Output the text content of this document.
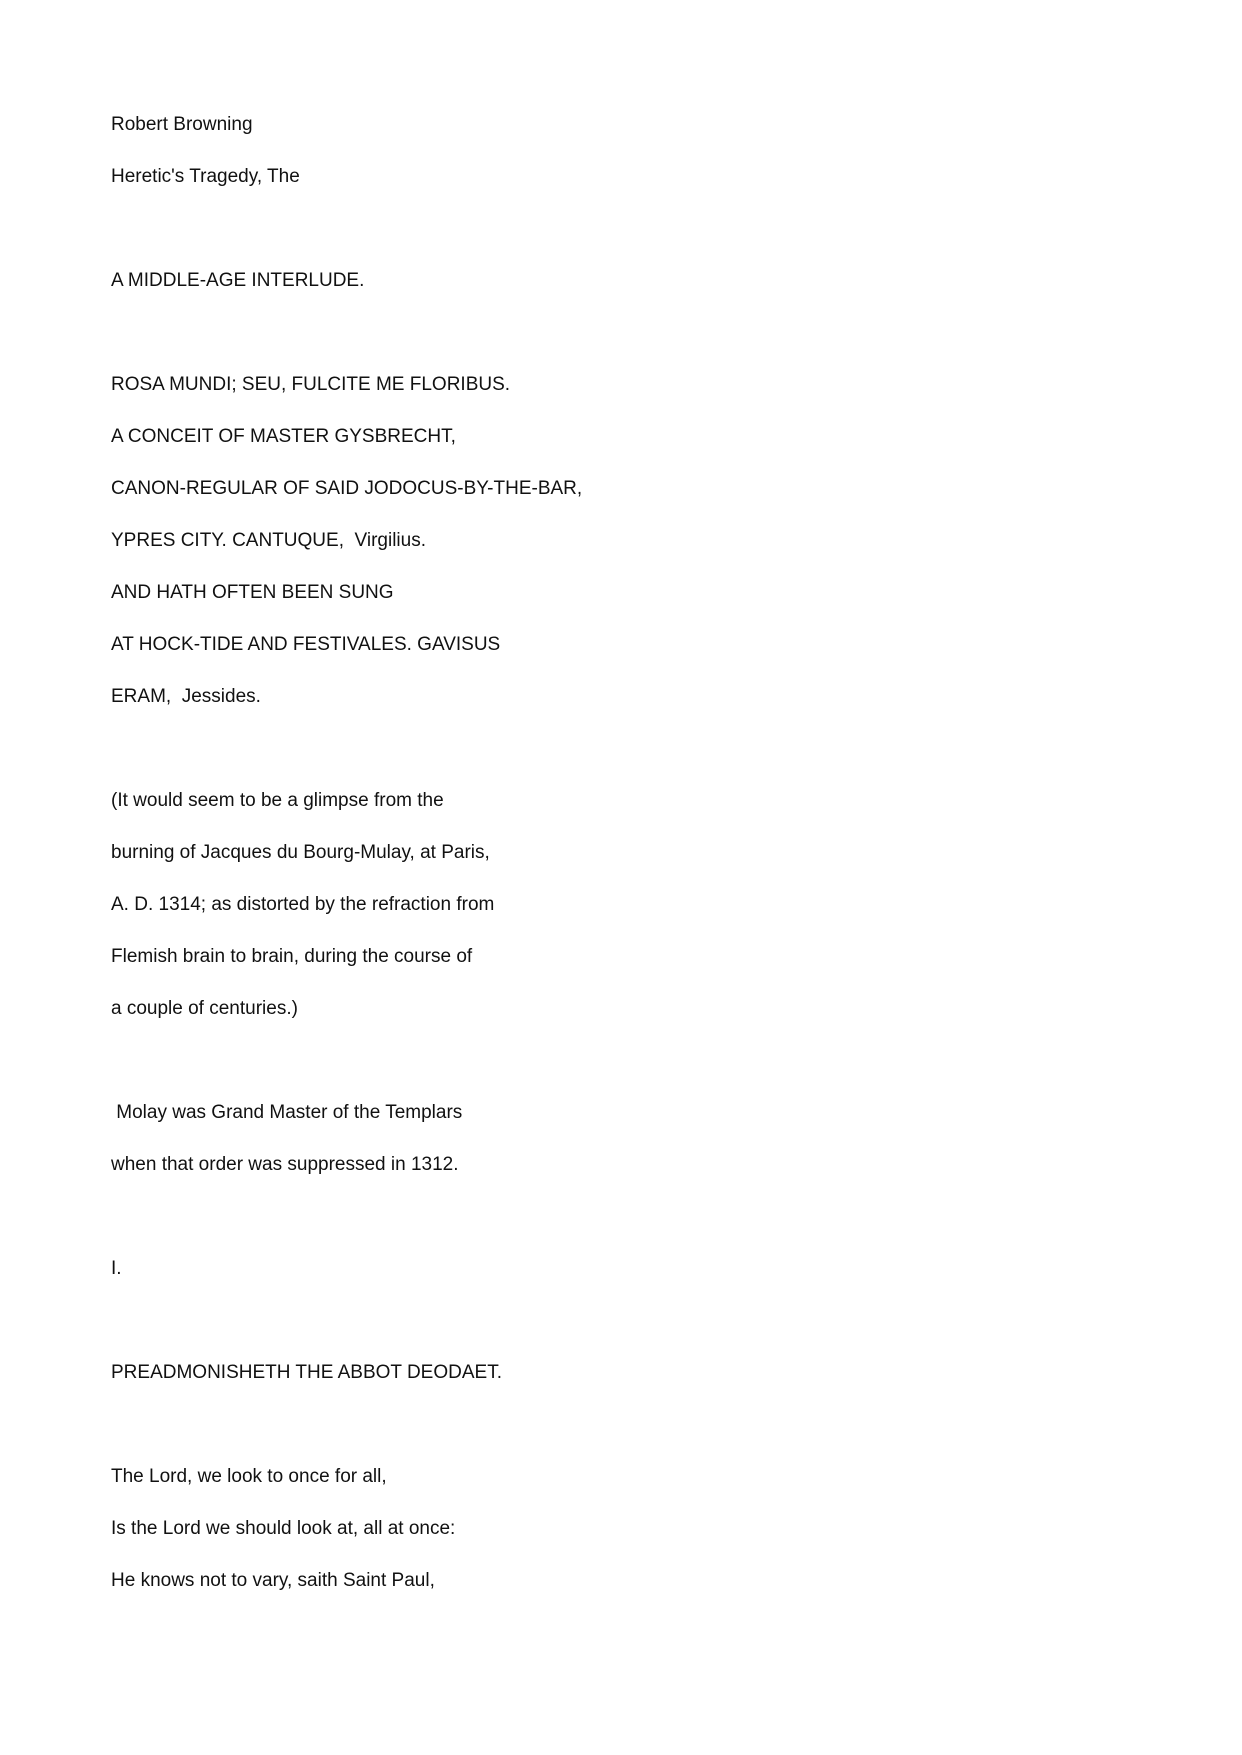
Robert Browning
Heretic's Tragedy, The
A MIDDLE-AGE INTERLUDE.
ROSA MUNDI; SEU, FULCITE ME FLORIBUS.
A CONCEIT OF MASTER GYSBRECHT,
CANON-REGULAR OF SAID JODOCUS-BY-THE-BAR,
YPRES CITY. CANTUQUE,  Virgilius.
AND HATH OFTEN BEEN SUNG
AT HOCK-TIDE AND FESTIVALES. GAVISUS
ERAM,  Jessides.
(It would seem to be a glimpse from the
burning of Jacques du Bourg-Mulay, at Paris,
A. D. 1314; as distorted by the refraction from
Flemish brain to brain, during the course of
a couple of centuries.)
Molay was Grand Master of the Templars
when that order was suppressed in 1312.
I.
PREADMONISHETH THE ABBOT DEODAET.
The Lord, we look to once for all,
Is the Lord we should look at, all at once:
He knows not to vary, saith Saint Paul,
